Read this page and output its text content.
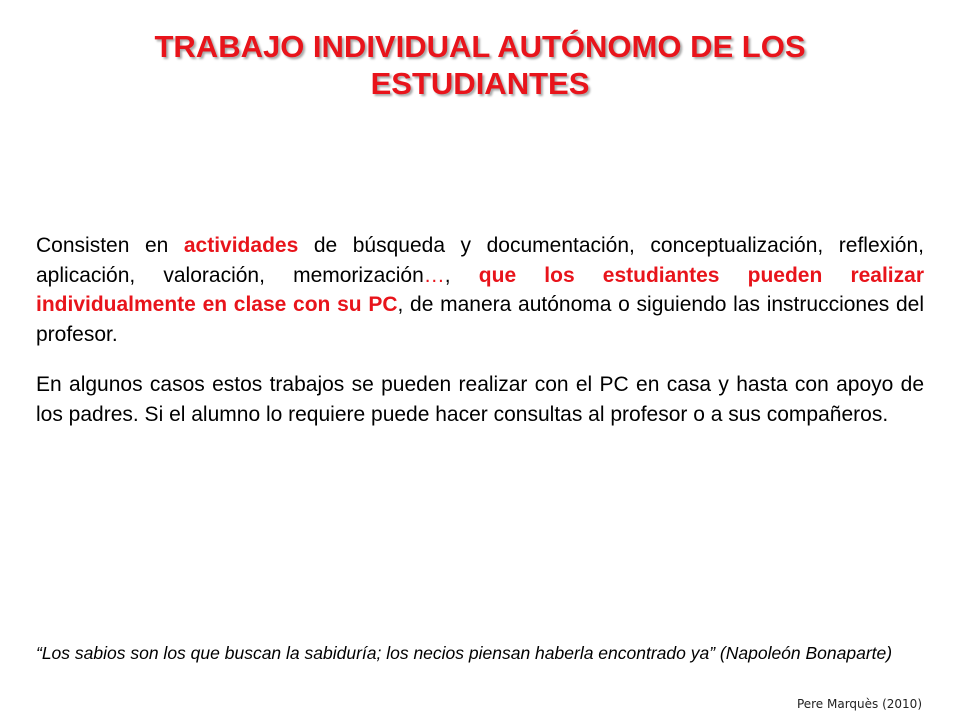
TRABAJO INDIVIDUAL AUTÓNOMO DE LOS
ESTUDIANTES

Consisten en actividades de búsqueda y documentación, conceptualización, reflexión, aplicación, valoración, memorización…, que los estudiantes pueden realizar individualmente en clase con su PC, de manera autónoma o siguiendo las instrucciones del profesor.

En algunos casos estos trabajos se pueden realizar con el PC en casa y hasta con apoyo de los padres. Si el alumno lo requiere puede hacer consultas al profesor o a sus compañeros.

“Los sabios son los que buscan la sabiduría; los necios piensan haberla encontrado ya” (Napoleón Bonaparte)
Pere Marquès (2010)
